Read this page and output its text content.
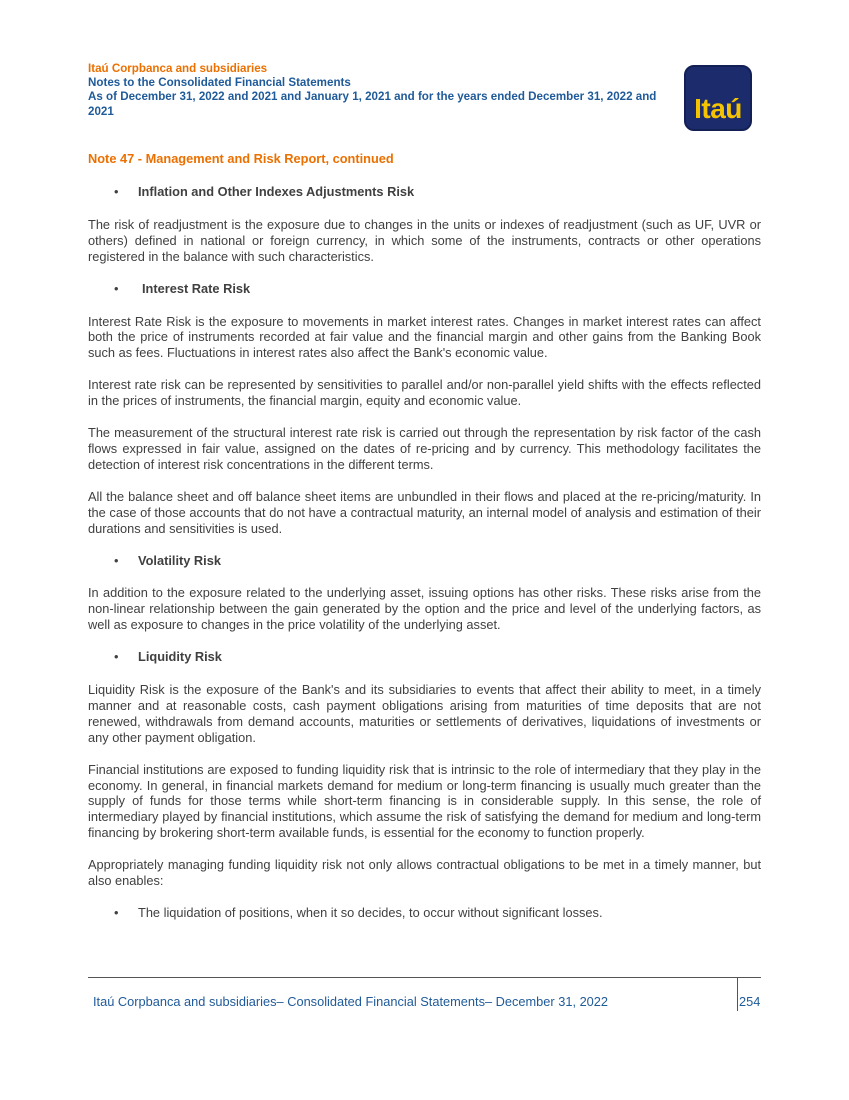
Itaú Corpbanca and subsidiaries
Notes to the Consolidated Financial Statements
As of December 31, 2022 and 2021 and January 1, 2021 and for the years ended December 31, 2022 and 2021	Itaú
Note 47 - Management and Risk Report, continued
• Inflation and Other Indexes Adjustments Risk

The risk of readjustment is the exposure due to changes in the units or indexes of readjustment (such as UF, UVR or others) defined in national or foreign currency, in which some of the instruments, contracts or other operations registered in the balance with such characteristics.

• Interest Rate Risk

Interest Rate Risk is the exposure to movements in market interest rates. Changes in market interest rates can affect both the price of instruments recorded at fair value and the financial margin and other gains from the Banking Book such as fees. Fluctuations in interest rates also affect the Bank's economic value.

Interest rate risk can be represented by sensitivities to parallel and/or non-parallel yield shifts with the effects reflected in the prices of instruments, the financial margin, equity and economic value.

The measurement of the structural interest rate risk is carried out through the representation by risk factor of the cash flows expressed in fair value, assigned on the dates of re-pricing and by currency. This methodology facilitates the detection of interest risk concentrations in the different terms.

All the balance sheet and off balance sheet items are unbundled in their flows and placed at the re-pricing/maturity. In the case of those accounts that do not have a contractual maturity, an internal model of analysis and estimation of their durations and sensitivities is used.

• Volatility Risk

In addition to the exposure related to the underlying asset, issuing options has other risks. These risks arise from the non-linear relationship between the gain generated by the option and the price and level of the underlying factors, as well as exposure to changes in the price volatility of the underlying asset.

• Liquidity Risk

Liquidity Risk is the exposure of the Bank's and its subsidiaries to events that affect their ability to meet, in a timely manner and at reasonable costs, cash payment obligations arising from maturities of time deposits that are not renewed, withdrawals from demand accounts, maturities or settlements of derivatives, liquidations of investments or any other payment obligation.

Financial institutions are exposed to funding liquidity risk that is intrinsic to the role of intermediary that they play in the economy. In general, in financial markets demand for medium or long-term financing is usually much greater than the supply of funds for those terms while short-term financing is in considerable supply. In this sense, the role of intermediary played by financial institutions, which assume the risk of satisfying the demand for medium and long-term financing by brokering short-term available funds, is essential for the economy to function properly.

Appropriately managing funding liquidity risk not only allows contractual obligations to be met in a timely manner, but also enables:

• The liquidation of positions, when it so decides, to occur without significant losses.
Itaú Corpbanca and subsidiaries– Consolidated Financial Statements– December 31, 2022	254
